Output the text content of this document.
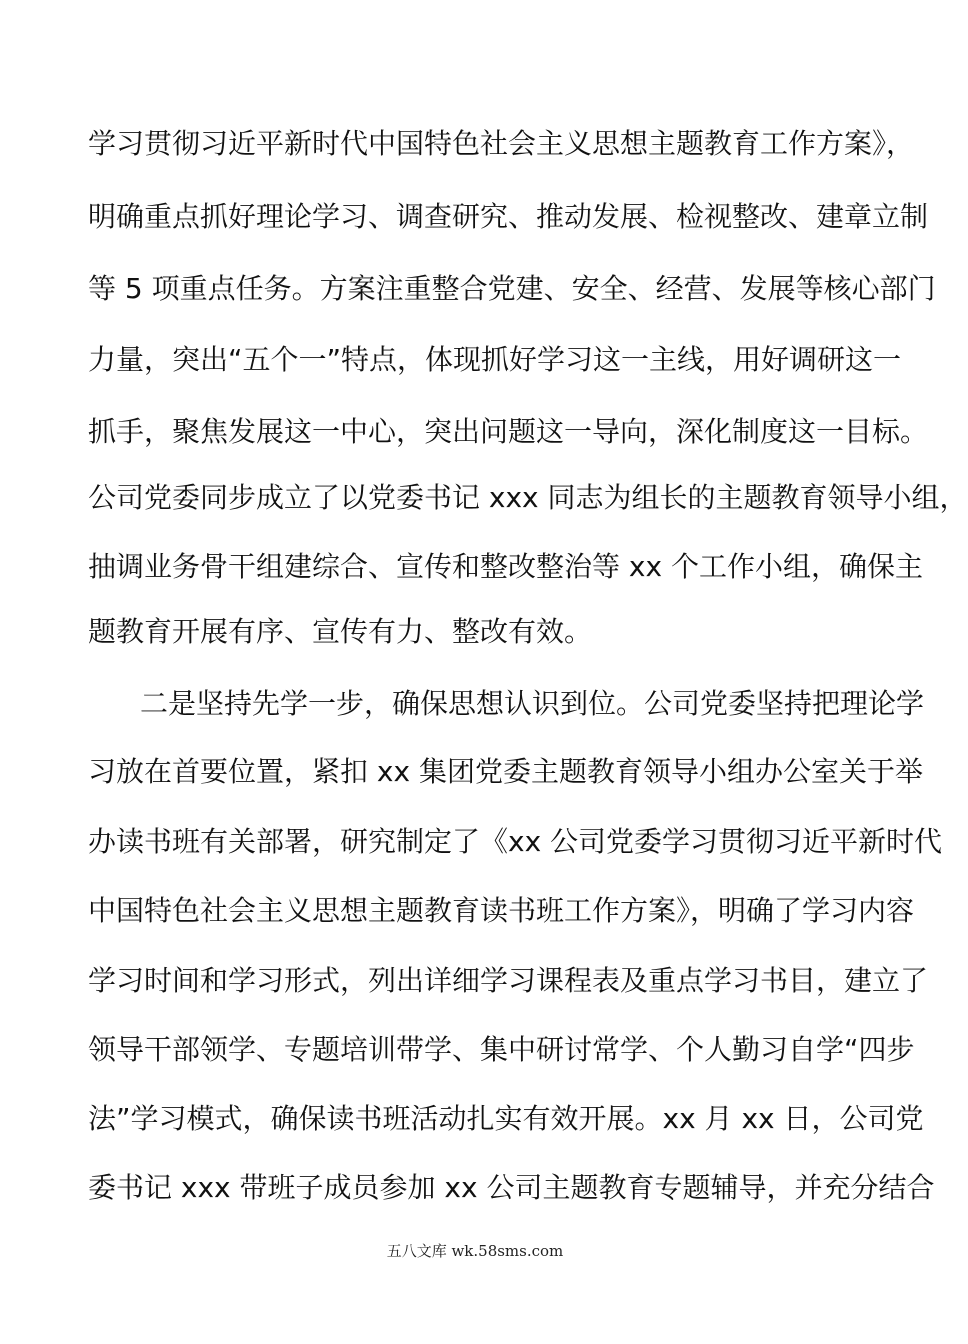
学习贯彻习近平新时代中国特色社会主义思想主题教育工作方案》，
明确重点抓好理论学习、调查研究、推动发展、检视整改、建章立制
等 5 项重点任务。方案注重整合党建、安全、经营、发展等核心部门
力量，突出“五个一”特点，体现抓好学习这一主线，用好调研这一
抓手，聚焦发展这一中心，突出问题这一导向，深化制度这一目标。
公司党委同步成立了以党委书记 xxx 同志为组长的主题教育领导小组，
抽调业务骨干组建综合、宣传和整改整治等 xx 个工作小组，确保主
题教育开展有序、宣传有力、整改有效。
二是坚持先学一步，确保思想认识到位。公司党委坚持把理论学
习放在首要位置，紧扣 xx 集团党委主题教育领导小组办公室关于举
办读书班有关部署，研究制定了《xx 公司党委学习贯彻习近平新时代
中国特色社会主义思想主题教育读书班工作方案》，明确了学习内容
学习时间和学习形式，列出详细学习课程表及重点学习书目，建立了
领导干部领学、专题培训带学、集中研讨常学、个人勤习自学“四步
法”学习模式，确保读书班活动扎实有效开展。xx 月 xx 日，公司党
委书记 xxx 带班子成员参加 xx 公司主题教育专题辅导，并充分结合
五八文库 wk.58sms.com
